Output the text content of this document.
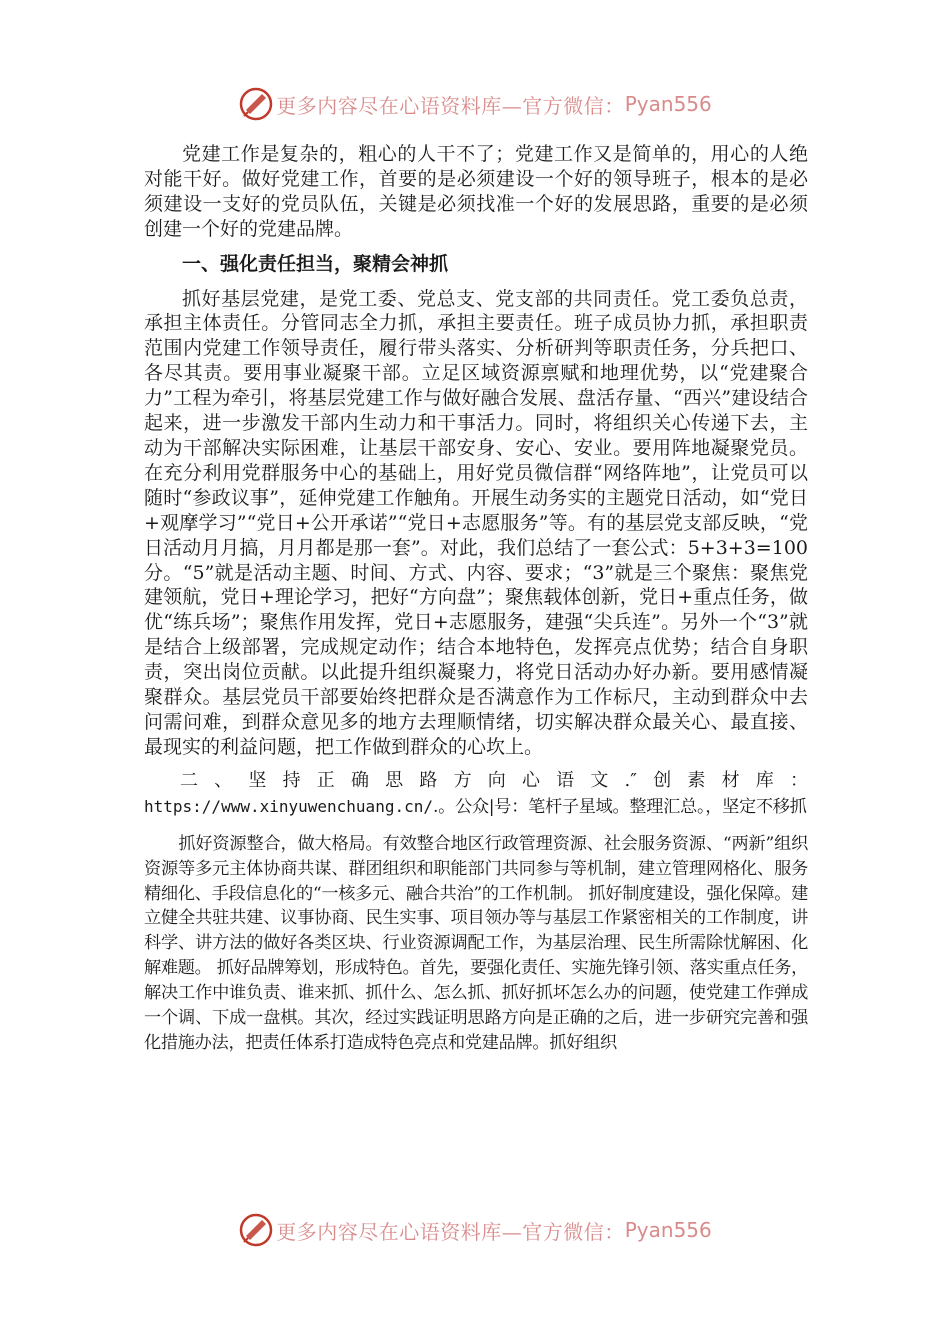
更多内容尽在心语资料库—官方微信： Pyan556

党建工作是复杂的，粗心的人干不了；党建工作又是简单的，用心的人绝对能干好。做好党建工作，首要的是必须建设一个好的领导班子，根本的是必须建设一支好的党员队伍，关键是必须找准一个好的发展思路，重要的是必须创建一个好的党建品牌。

一、强化责任担当，聚精会神抓

抓好基层党建，是党工委、党总支、党支部的共同责任。党工委负总责，承担主体责任。分管同志全力抓，承担主要责任。班子成员协力抓，承担职责范围内党建工作领导责任，履行带头落实、分析研判等职责任务，分兵把口、各尽其责。要用事业凝聚干部。立足区域资源禀赋和地理优势，以“党建聚合力”工程为牵引，将基层党建工作与做好融合发展、盘活存量、“西兴”建设结合起来，进一步激发干部内生动力和干事活力。同时，将组织关心传递下去，主动为干部解决实际困难，让基层干部安身、安心、安业。要用阵地凝聚党员。在充分利用党群服务中心的基础上，用好党员微信群“网络阵地”，让党员可以随时“参政议事”，延伸党建工作触角。开展生动务实的主题党日活动，如“党日+观摩学习”“党日+公开承诺”“党日+志愿服务”等。有的基层党支部反映，“党日活动月月搞，月月都是那一套”。对此，我们总结了一套公式：5+3+3=100 分。“5”就是活动主题、时间、方式、内容、要求；“3”就是三个聚焦：聚焦党建领航，党日+理论学习，把好“方向盘”；聚焦载体创新，党日+重点任务，做优“练兵场”；聚焦作用发挥，党日+志愿服务，建强“尖兵连”。另外一个“3”就是结合上级部署，完成规定动作；结合本地特色，发挥亮点优势；结合自身职责，突出岗位贡献。以此提升组织凝聚力，将党日活动办好办新。要用感情凝聚群众。基层党员干部要始终把群众是否满意作为工作标尺，主动到群众中去问需问难，到群众意见多的地方去理顺情绪，切实解决群众最关心、最直接、最现实的利益问题，把工作做到群众的心坎上。

二、坚持正确思路方向心语文.″创素材库：https://www.xinyuwenchuang.cn/.。公众|号：笔杆子星域。整理汇总。，坚定不移抓

抓好资源整合，做大格局。有效整合地区行政管理资源、社会服务资源、“两新”组织资源等多元主体协商共谋、群团组织和职能部门共同参与等机制，建立管理网格化、服务精细化、手段信息化的“一核多元、融合共治”的工作机制。 抓好制度建设，强化保障。建立健全共驻共建、议事协商、民生实事、项目领办等与基层工作紧密相关的工作制度，讲科学、讲方法的做好各类区块、行业资源调配工作，为基层治理、民生所需除忧解困、化解难题。 抓好品牌筹划，形成特色。首先，要强化责任、实施先锋引领、落实重点任务，解决工作中谁负责、谁来抓、抓什么、怎么抓、抓好抓坏怎么办的问题，使党建工作弹成一个调、下成一盘棋。其次，经过实践证明思路方向是正确的之后，进一步研究完善和强化措施办法，把责任体系打造成特色亮点和党建品牌。抓好组织

更多内容尽在心语资料库—官方微信： Pyan556
